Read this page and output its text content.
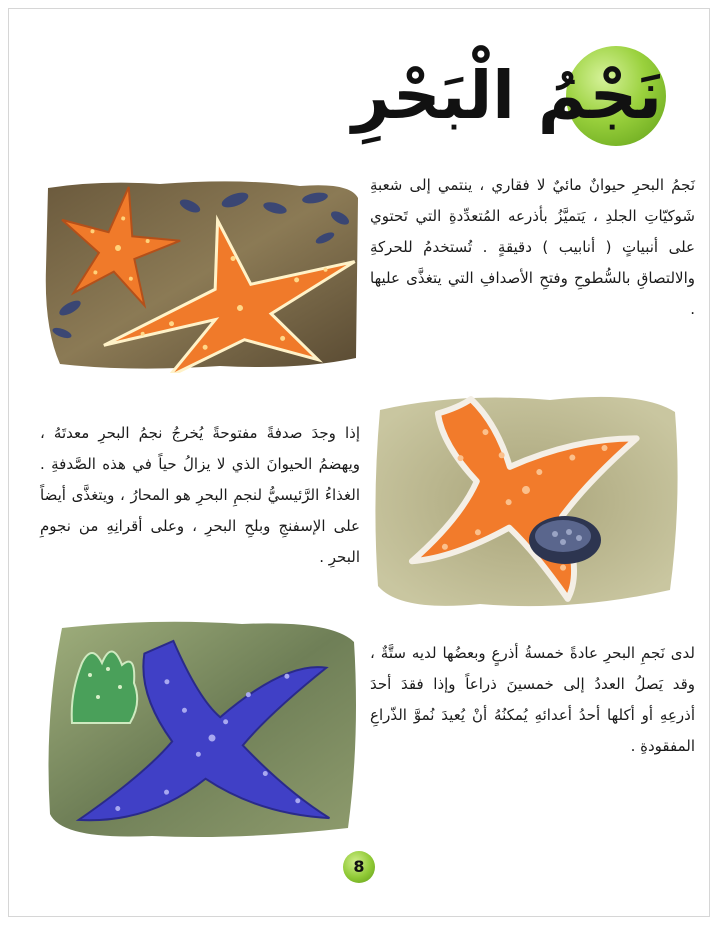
نَجْمُ الْبَحْرِ
نَجمُ البحرِ حيوانٌ مائيٌ لا فقاري ، ينتمي إلى شعبةِ شَوكيّاتِ الجلدِ ، يَتميَّزُ بأذرعه المُتعدِّدةِ التي تَحتوي على أنبياتٍ ( أنابيب ) دقيقةٍ . تُستخدمُ للحركةِ والالتصاقِ بالسُّطوحِ وفتحِ الأصدافِ التي يتغذَّى عليها .
إذا وجدَ صدفةً مفتوحةً يُخرجُ نجمُ البحرِ معدتَهُ ، ويهضمُ الحيوانَ الذي لا يزالُ حياً في هذه الصَّدفةِ . الغذاءُ الرَّئيسيُّ لنجمِ البحرِ هو المحارُ ، ويتغذَّى أيضاً على الإسفنجِ وبلحِ البحرِ ، وعلى أقرانِهِ من نجومِ البحرِ .
لدى نَجمِ البحرِ عادةً خمسةُ أذرعٍ وبعضُها لديه ستَّةٌ ، وقد يَصلُ العددُ إلى خمسينَ ذراعاً وإذا فقدَ أحدَ أذرعِهِ أو أكلها أحدُ أعدائهِ يُمكنُهُ أنْ يُعيدَ نُموَّ الذّراعِ المفقودةِ .
8
